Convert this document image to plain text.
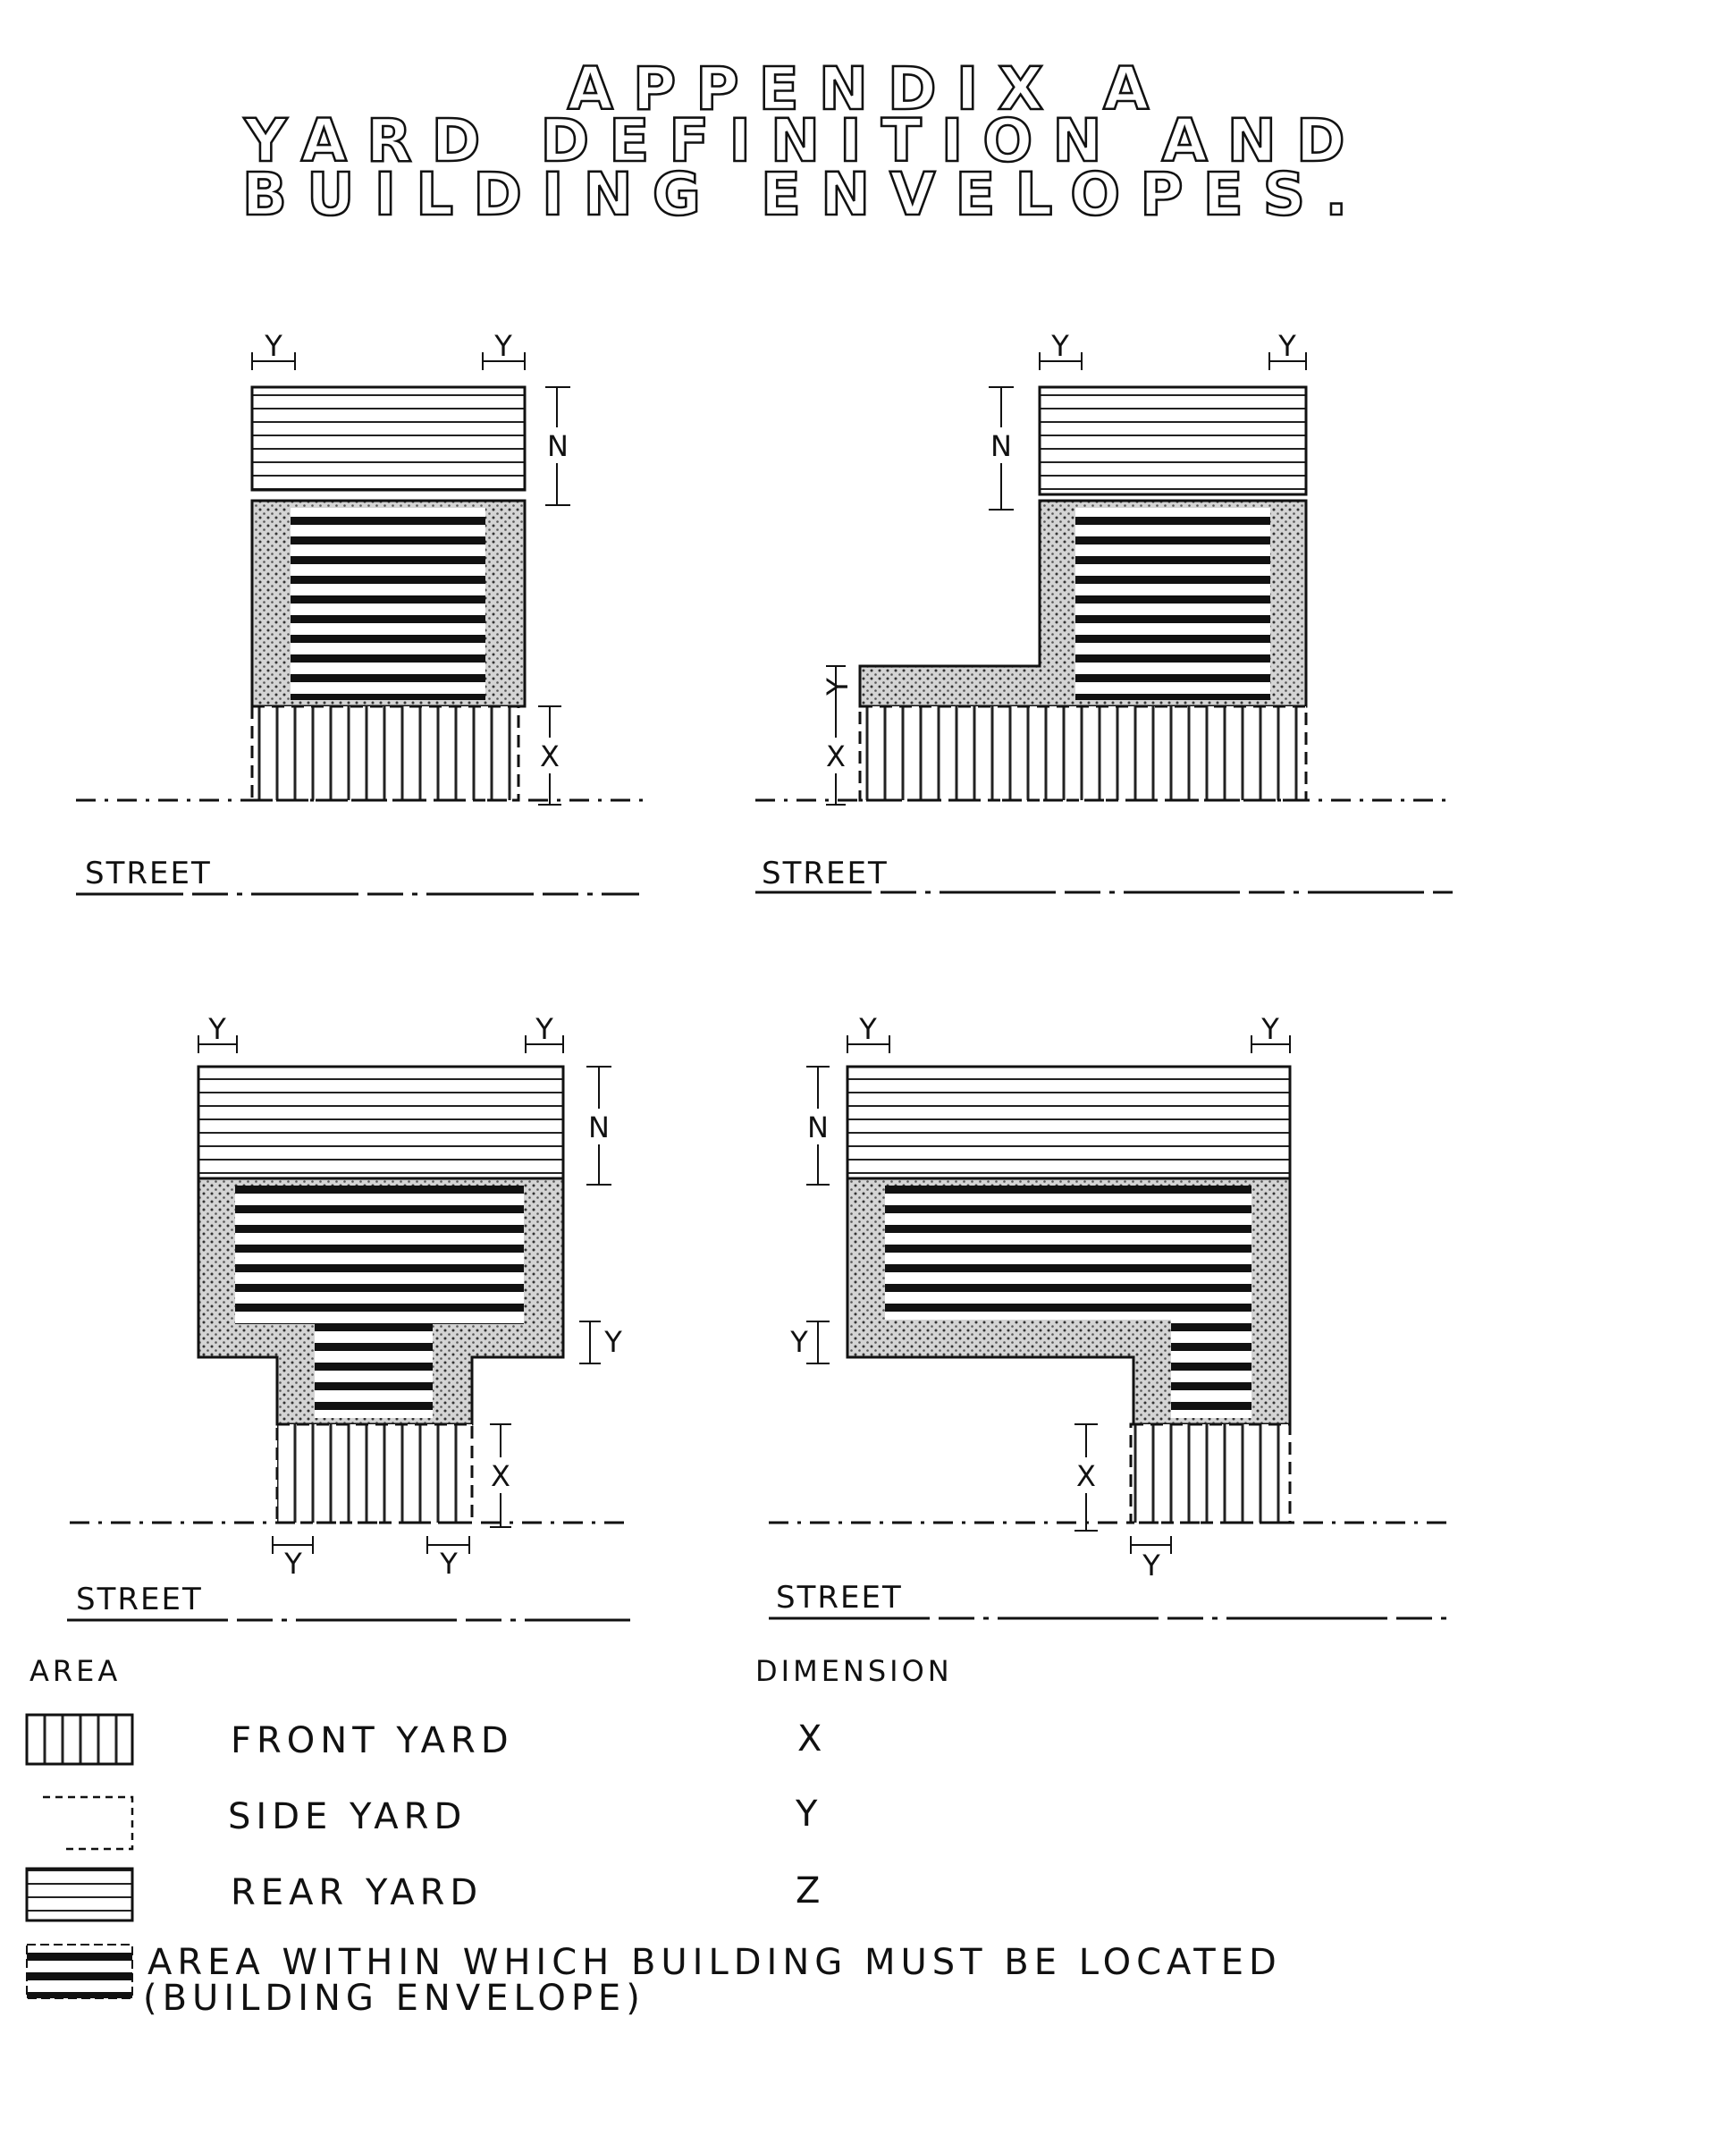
APPENDIX A
YARD DEFINITION AND
BUILDING ENVELOPES.
Y	Y
N
X
STREET
Y	Y
N
Y
X
STREET
Y	Y
N
Y
X
Y	Y
STREET
Y	Y
N
Y
X
Y
STREET
AREA	DIMENSION
FRONT YARD	X
SIDE YARD	Y
REAR YARD	Z
AREA WITHIN WHICH BUILDING MUST BE LOCATED
(BUILDING ENVELOPE)
